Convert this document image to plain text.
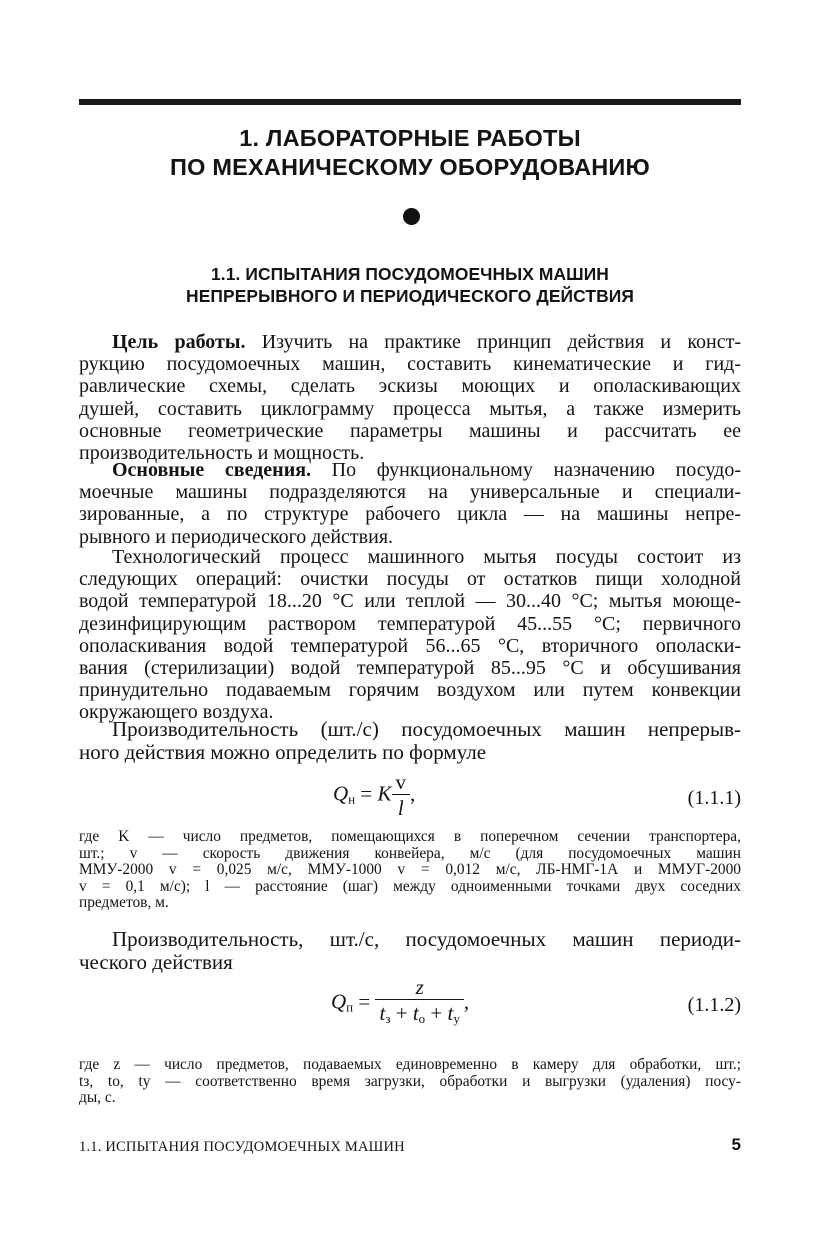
1. ЛАБОРАТОРНЫЕ РАБОТЫ
ПО МЕХАНИЧЕСКОМУ ОБОРУДОВАНИЮ
1.1. ИСПЫТАНИЯ ПОСУДОМОЕЧНЫХ МАШИН
НЕПРЕРЫВНОГО И ПЕРИОДИЧЕСКОГО ДЕЙСТВИЯ
Цель работы. Изучить на практике принцип действия и конст-
рукцию посудомоечных машин, составить кинематические и гид-
равлические схемы, сделать эскизы моющих и ополаскивающих
душей, составить циклограмму процесса мытья, а также измерить
основные геометрические параметры машины и рассчитать ее
производительность и мощность.
Основные сведения. По функциональному назначению посудо-
моечные машины подразделяются на универсальные и специали-
зированные, а по структуре рабочего цикла — на машины непре-
рывного и периодического действия.
Технологический процесс машинного мытья посуды состоит из
следующих операций: очистки посуды от остатков пищи холодной
водой температурой 18...20 °С или теплой — 30...40 °С; мытья моюще-
дезинфицирующим раствором температурой 45...55 °С; первичного
ополаскивания водой температурой 56...65 °С, вторичного ополаски-
вания (стерилизации) водой температурой 85...95 °С и обсушивания
принудительно подаваемым горячим воздухом или путем конвекции
окружающего воздуха.
Производительность (шт./с) посудомоечных машин непрерыв-
ного действия можно определить по формуле
$Q_н = K \frac{v}{l}$ ,	(1.1.1)
где K — число предметов, помещающихся в поперечном сечении транспортера,
шт.; v — скорость движения конвейера, м/с (для посудомоечных машин
ММУ-2000 v = 0,025 м/с, ММУ-1000 v = 0,012 м/с, ЛБ-НМГ-1А и ММУГ-2000
v = 0,1 м/с); l — расстояние (шаг) между одноименными точками двух соседних
предметов, м.
Производительность, шт./с, посудомоечных машин периоди-
ческого действия
$Q_п = \frac{z}{t_з + t_о + t_у}$ ,	(1.1.2)
где z — число предметов, подаваемых единовременно в камеру для обработки, шт.;
tз, tо, tу — соответственно время загрузки, обработки и выгрузки (удаления) посу-
ды, с.
1.1. ИСПЫТАНИЯ ПОСУДОМОЕЧНЫХ МАШИН	5
